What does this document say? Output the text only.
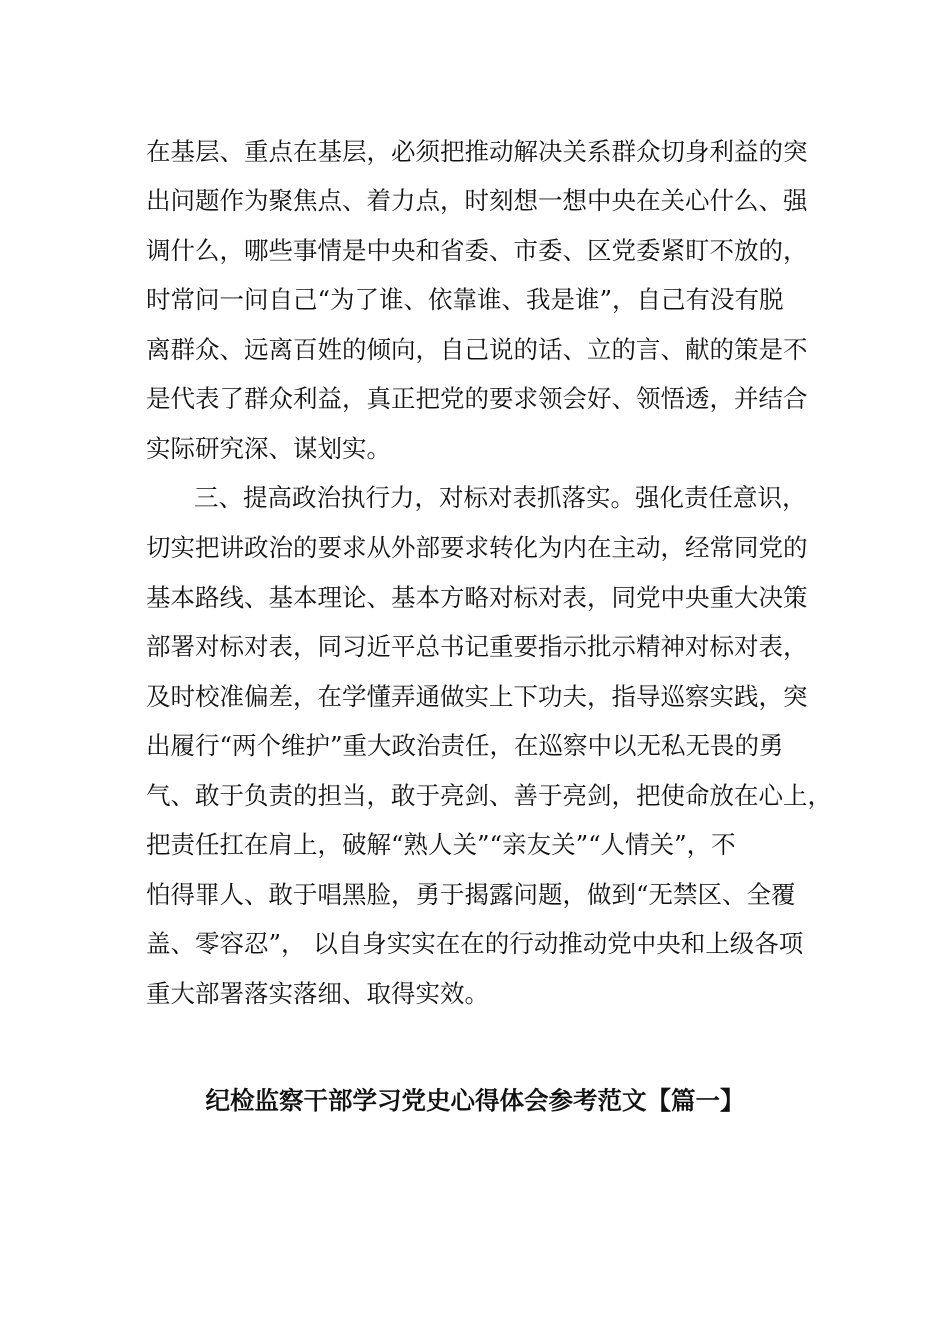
在基层、重点在基层，必须把推动解决关系群众切身利益的突
出问题作为聚焦点、着力点，时刻想一想中央在关心什么、强
调什么，哪些事情是中央和省委、市委、区党委紧盯不放的，
时常问一问自己“为了谁、依靠谁、我是谁”，自己有没有脱
离群众、远离百姓的倾向，自己说的话、立的言、献的策是不
是代表了群众利益，真正把党的要求领会好、领悟透，并结合
实际研究深、谋划实。
三、提高政治执行力，对标对表抓落实。强化责任意识，
切实把讲政治的要求从外部要求转化为内在主动，经常同党的
基本路线、基本理论、基本方略对标对表，同党中央重大决策
部署对标对表，同习近平总书记重要指示批示精神对标对表，
及时校准偏差，在学懂弄通做实上下功夫，指导巡察实践，突
出履行“两个维护”重大政治责任，在巡察中以无私无畏的勇
气、敢于负责的担当，敢于亮剑、善于亮剑，把使命放在心上，
把责任扛在肩上，破解“熟人关”“亲友关”“人情关”，不
怕得罪人、敢于唱黑脸，勇于揭露问题，做到“无禁区、全覆
盖、零容忍”， 以自身实实在在的行动推动党中央和上级各项
重大部署落实落细、取得实效。
纪检监察干部学习党史心得体会参考范文【篇一】
